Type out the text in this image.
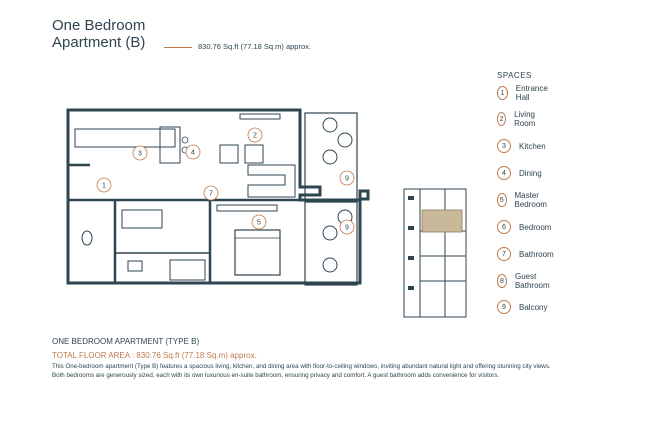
One Bedroom
Apartment (B)	830.76 Sq.ft (77.18 Sq.m) approx.
SPACES
1	Entrance Hall
2	Living Room
3	Kitchen
4	Dining
5	Master Bedroom
6	Bedroom
7	Bathroom
8	Guest Bathroom
9	Balcony
1
2
3	4
5
7
9
9
ONE BEDROOM APARTMENT (TYPE B)
TOTAL FLOOR AREA : 830.76 Sq.ft (77.18 Sq.m) approx.
This One-bedroom apartment (Type B) features a spacious living, kitchen, and dining area with floor-to-ceiling windows, inviting abundant natural light and offering stunning city views. Both bedrooms are generously sized, each with its own luxurious en-suite bathroom, ensuring privacy and comfort. A guest bathroom adds convenience for visitors.
